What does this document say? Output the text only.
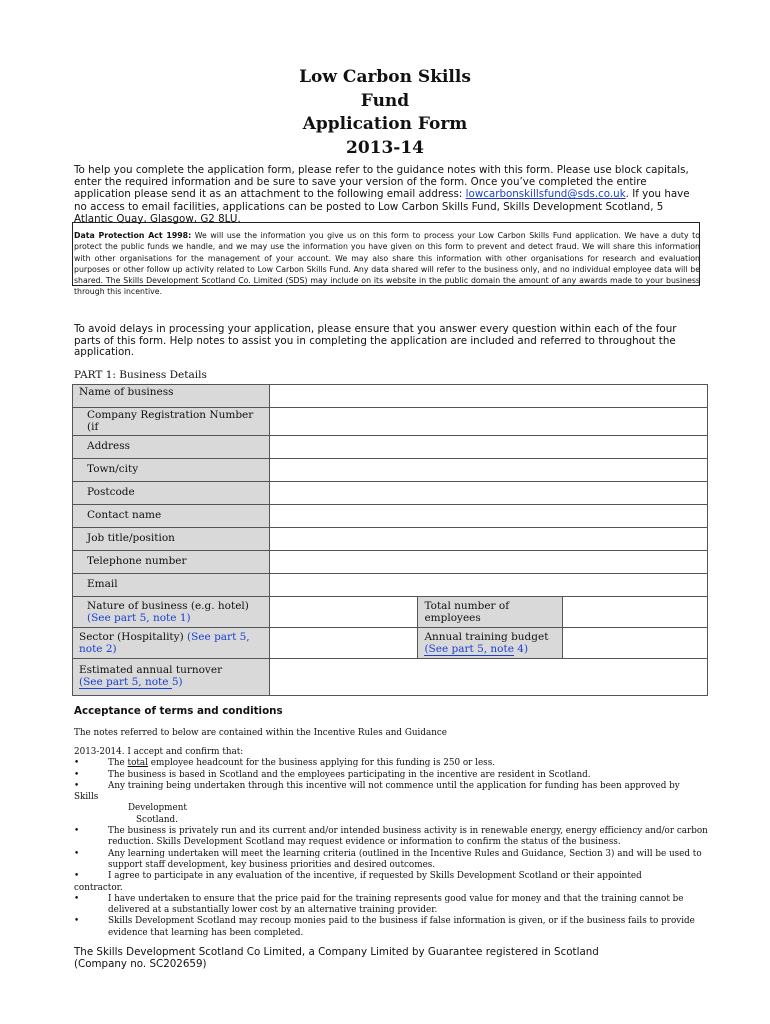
Low Carbon Skills
Fund
Application Form
2013-14
To help you complete the application form, please refer to the guidance notes with this form. Please use block capitals, enter the required information and be sure to save your version of the form. Once you’ve completed the entire application please send it as an attachment to the following email address: lowcarbonskillsfund@sds.co.uk. If you have no access to email facilities, applications can be posted to Low Carbon Skills Fund, Skills Development Scotland, 5 Atlantic Quay, Glasgow, G2 8LU.
Data Protection Act 1998: We will use the information you give us on this form to process your Low Carbon Skills Fund application. We have a duty to protect the public funds we handle, and we may use the information you have given on this form to prevent and detect fraud. We will share this information with other organisations for the management of your account. We may also share this information with other organisations for research and evaluation purposes or other follow up activity related to Low Carbon Skills Fund. Any data shared will refer to the business only, and no individual employee data will be shared. The Skills Development Scotland Co. Limited (SDS) may include on its website in the public domain the amount of any awards made to your business through this incentive.
To avoid delays in processing your application, please ensure that you answer every question within each of the four parts of this form. Help notes to assist you in completing the application are included and referred to throughout the application.
PART 1: Business Details
Name of business			

Company Registration Number (if			

Address			

Town/city			

Postcode			

Contact name			

Job title/position			

Telephone number			

Email			

Nature of business (e.g. hotel) (See part 5, note 1)		Total number of employees	

Sector (Hospitality) (See part 5, note 2)		Annual training budget
(See part 5, note 4)	

Estimated annual turnover
(See part 5, note 5)			

Acceptance of terms and conditions
The notes referred to below are contained within the Incentive Rules and Guidance
2013-2014. I accept and confirm that:
•	The total employee headcount for the business applying for this funding is 250 or less.
•	The business is based in Scotland and the employees participating in the incentive are resident in Scotland.
•	Any training being undertaken through this incentive will not commence until the application for funding has been approved by
Skills
Development
Scotland.
•	The business is privately run and its current and/or intended business activity is in renewable energy, energy efficiency and/or carbon reduction. Skills Development Scotland may request evidence or information to confirm the status of the business.
•	Any learning undertaken will meet the learning criteria (outlined in the Incentive Rules and Guidance, Section 3) and will be used to support staff development, key business priorities and desired outcomes.
•	I agree to participate in any evaluation of the incentive, if requested by Skills Development Scotland or their appointed
contractor.
•	I have undertaken to ensure that the price paid for the training represents good value for money and that the training cannot be delivered at a substantially lower cost by an alternative training provider.
•	Skills Development Scotland may recoup monies paid to the business if false information is given, or if the business fails to provide evidence that learning has been completed.
The Skills Development Scotland Co Limited, a Company Limited by Guarantee registered in Scotland
(Company no. SC202659)
